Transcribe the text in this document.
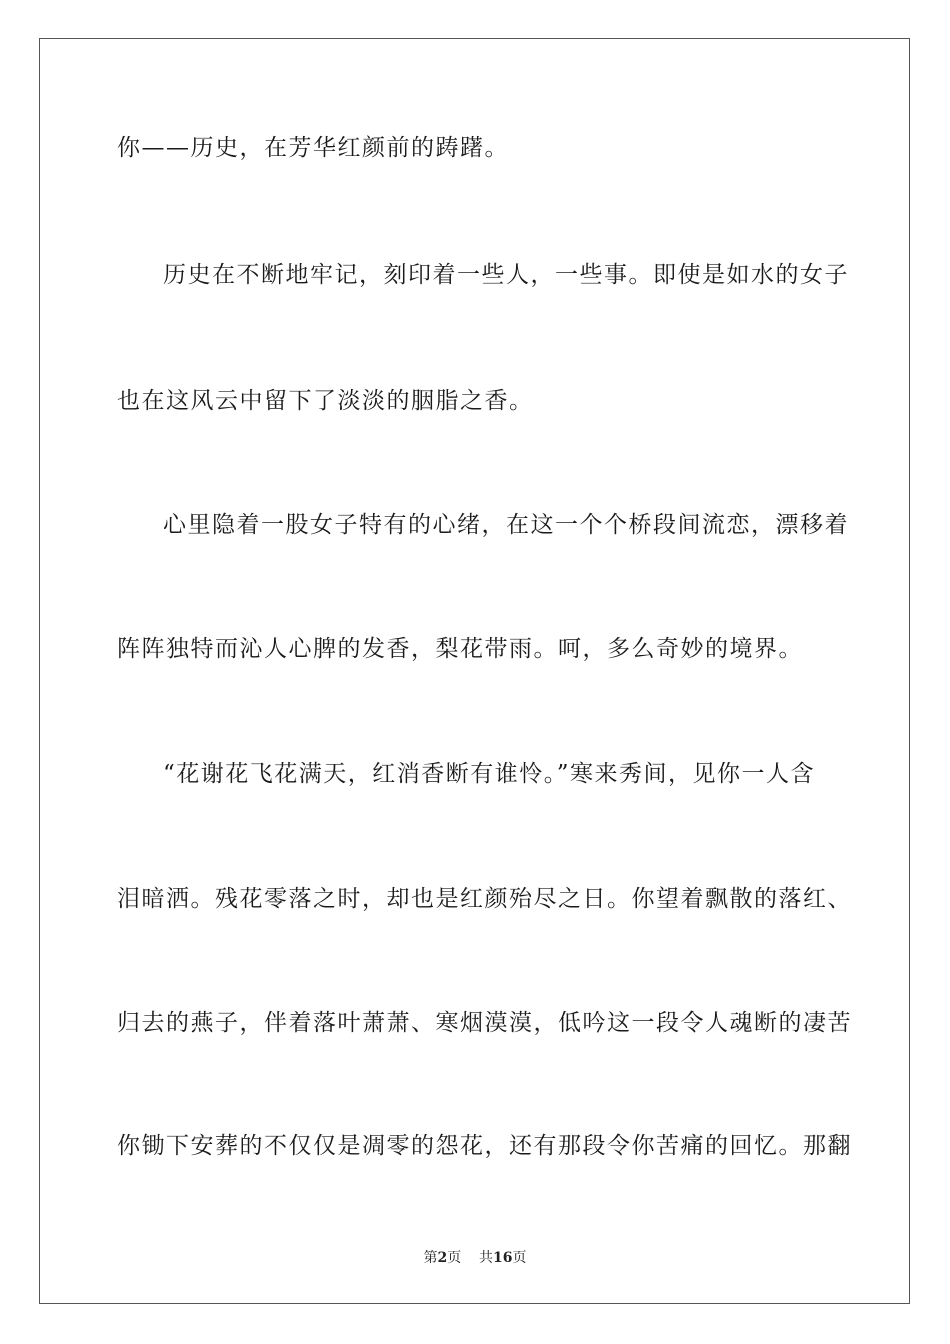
你——历史，在芳华红颜前的踌躇。
历史在不断地牢记，刻印着一些人，一些事。即使是如水的女子
也在这风云中留下了淡淡的胭脂之香。
心里隐着一股女子特有的心绪，在这一个个桥段间流恋，漂移着
阵阵独特而沁人心脾的发香，梨花带雨。呵，多么奇妙的境界。
“花谢花飞花满天，红消香断有谁怜。”寒来秀间，见你一人含
泪暗洒。残花零落之时，却也是红颜殆尽之日。你望着飘散的落红、
归去的燕子，伴着落叶萧萧、寒烟漠漠，低吟这一段令人魂断的凄苦
你锄下安葬的不仅仅是凋零的怨花，还有那段令你苦痛的回忆。那翻
第2页 共16页
